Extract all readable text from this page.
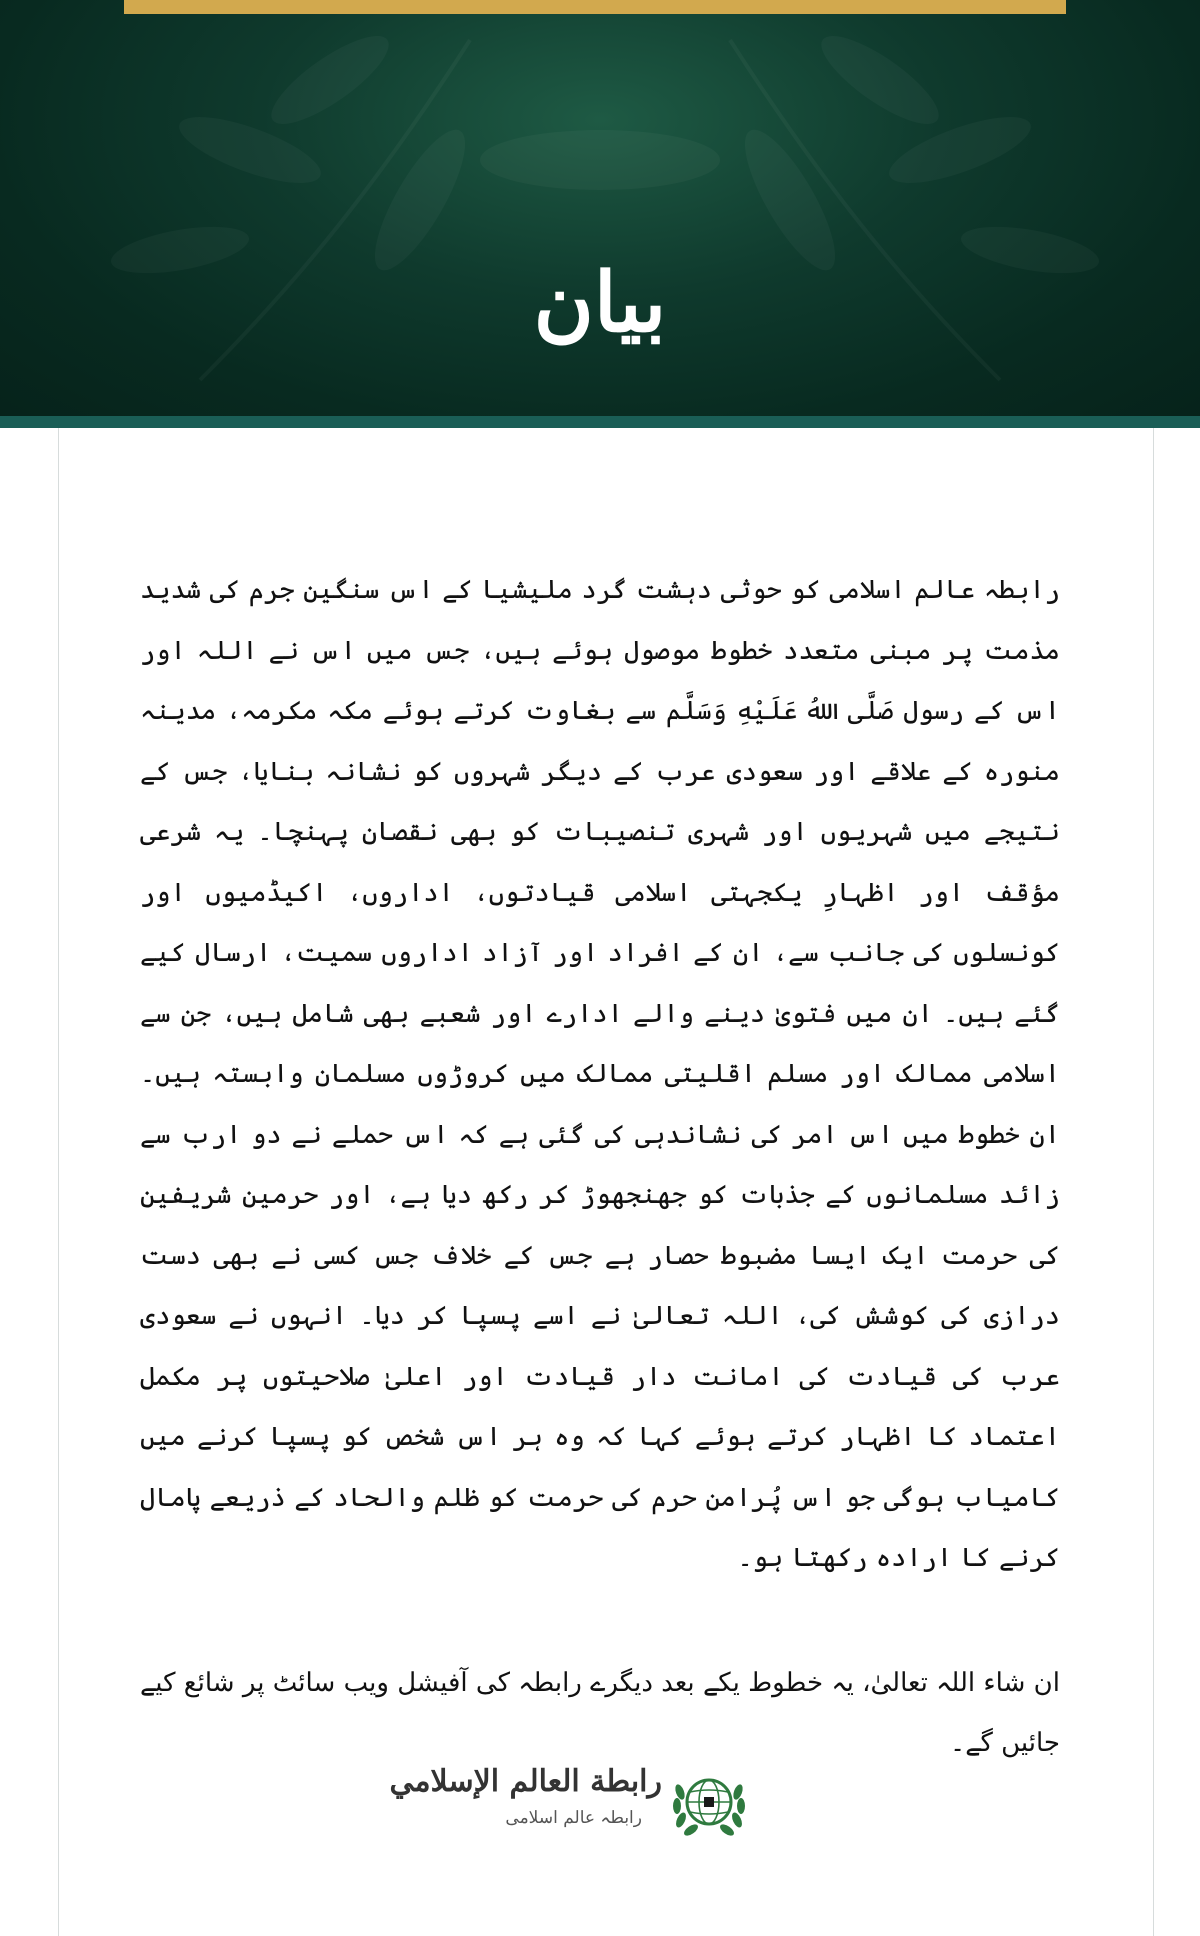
بیان

رابطہ عالم اسلامی کو حوثی دہشت گرد ملیشیا کے اس سنگین جرم کی شدید مذمت پر مبنی متعدد خطوط موصول ہوئے ہیں، جس میں اس نے اللہ اور اس کے رسول صَلَّى اللهُ عَلَيْهِ وَسَلَّم سے بغاوت کرتے ہوئے مکہ مکرمہ، مدینہ منورہ کے علاقے اور سعودی عرب کے دیگر شہروں کو نشانہ بنایا، جس کے نتیجے میں شہریوں اور شہری تنصیبات کو بھی نقصان پہنچا۔ یہ شرعی مؤقف اور اظہارِ یکجہتی اسلامی قیادتوں، اداروں، اکیڈمیوں اور کونسلوں کی جانب سے، ان کے افراد اور آزاد اداروں سمیت، ارسال کیے گئے ہیں۔ ان میں فتویٰ دینے والے ادارے اور شعبے بھی شامل ہیں، جن سے اسلامی ممالک اور مسلم اقلیتی ممالک میں کروڑوں مسلمان وابستہ ہیں۔ ان خطوط میں اس امر کی نشاندہی کی گئی ہے کہ اس حملے نے دو ارب سے زائد مسلمانوں کے جذبات کو جھنجھوڑ کر رکھ دیا ہے، اور حرمین شریفین کی حرمت ایک ایسا مضبوط حصار ہے جس کے خلاف جس کسی نے بھی دست درازی کی کوشش کی، اللہ تعالیٰ نے اسے پسپا کر دیا۔ انہوں نے سعودی عرب کی قیادت کی امانت دار قیادت اور اعلیٰ صلاحیتوں پر مکمل اعتماد کا اظہار کرتے ہوئے کہا کہ وہ ہر اس شخص کو پسپا کرنے میں کامیاب ہوگی جو اس پُرامن حرم کی حرمت کو ظلم والحاد کے ذریعے پامال کرنے کا ارادہ رکھتا ہو۔

ان شاء اللہ تعالیٰ، یہ خطوط یکے بعد دیگرے رابطہ کی آفیشل ویب سائٹ پر شائع کیے جائیں گے۔

رابطة العالم الإسلامي
رابطہ عالم اسلامی
